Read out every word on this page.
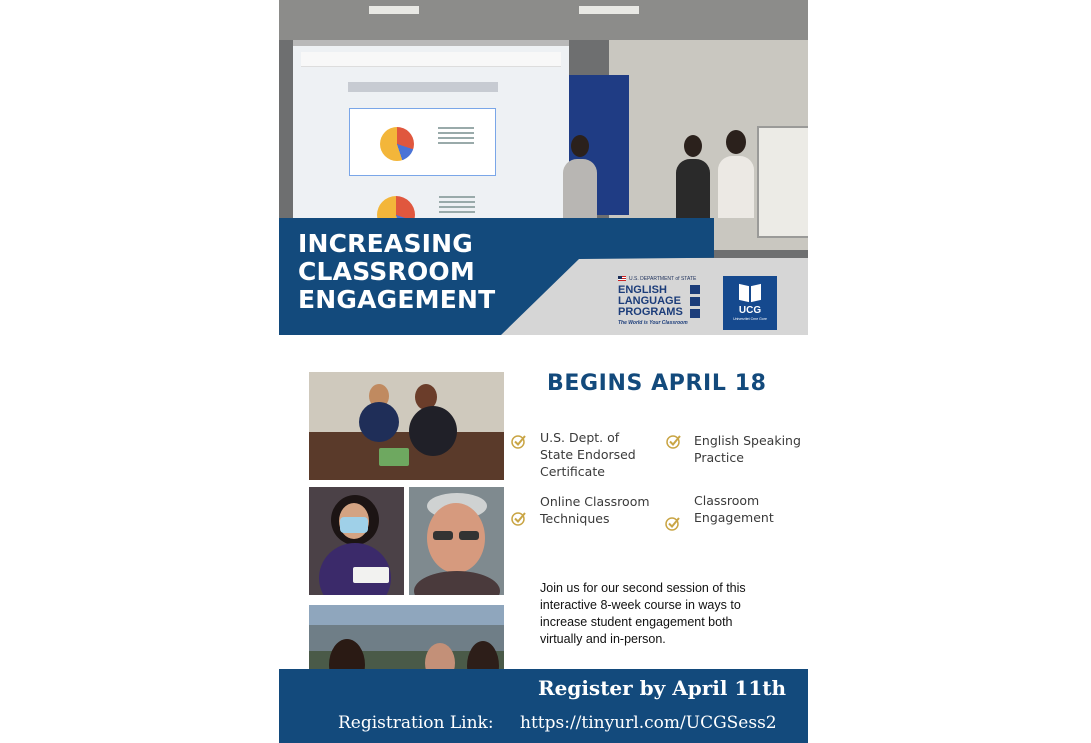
INCREASING
CLASSROOM
ENGAGEMENT
U.S. DEPARTMENT of STATE
ENGLISH
LANGUAGE
PROGRAMS
The World is Your Classroom
UCG
Univerzitet Crne Gore
BEGINS APRIL 18
U.S. Dept. of State Endorsed Certificate
English Speaking Practice
Online Classroom Techniques
Classroom Engagement

Join us for our second session of this interactive 8-week course in ways to increase student engagement both virtually and in-person.

Register by April 11th
Registration Link: https://tinyurl.com/UCGSess2
